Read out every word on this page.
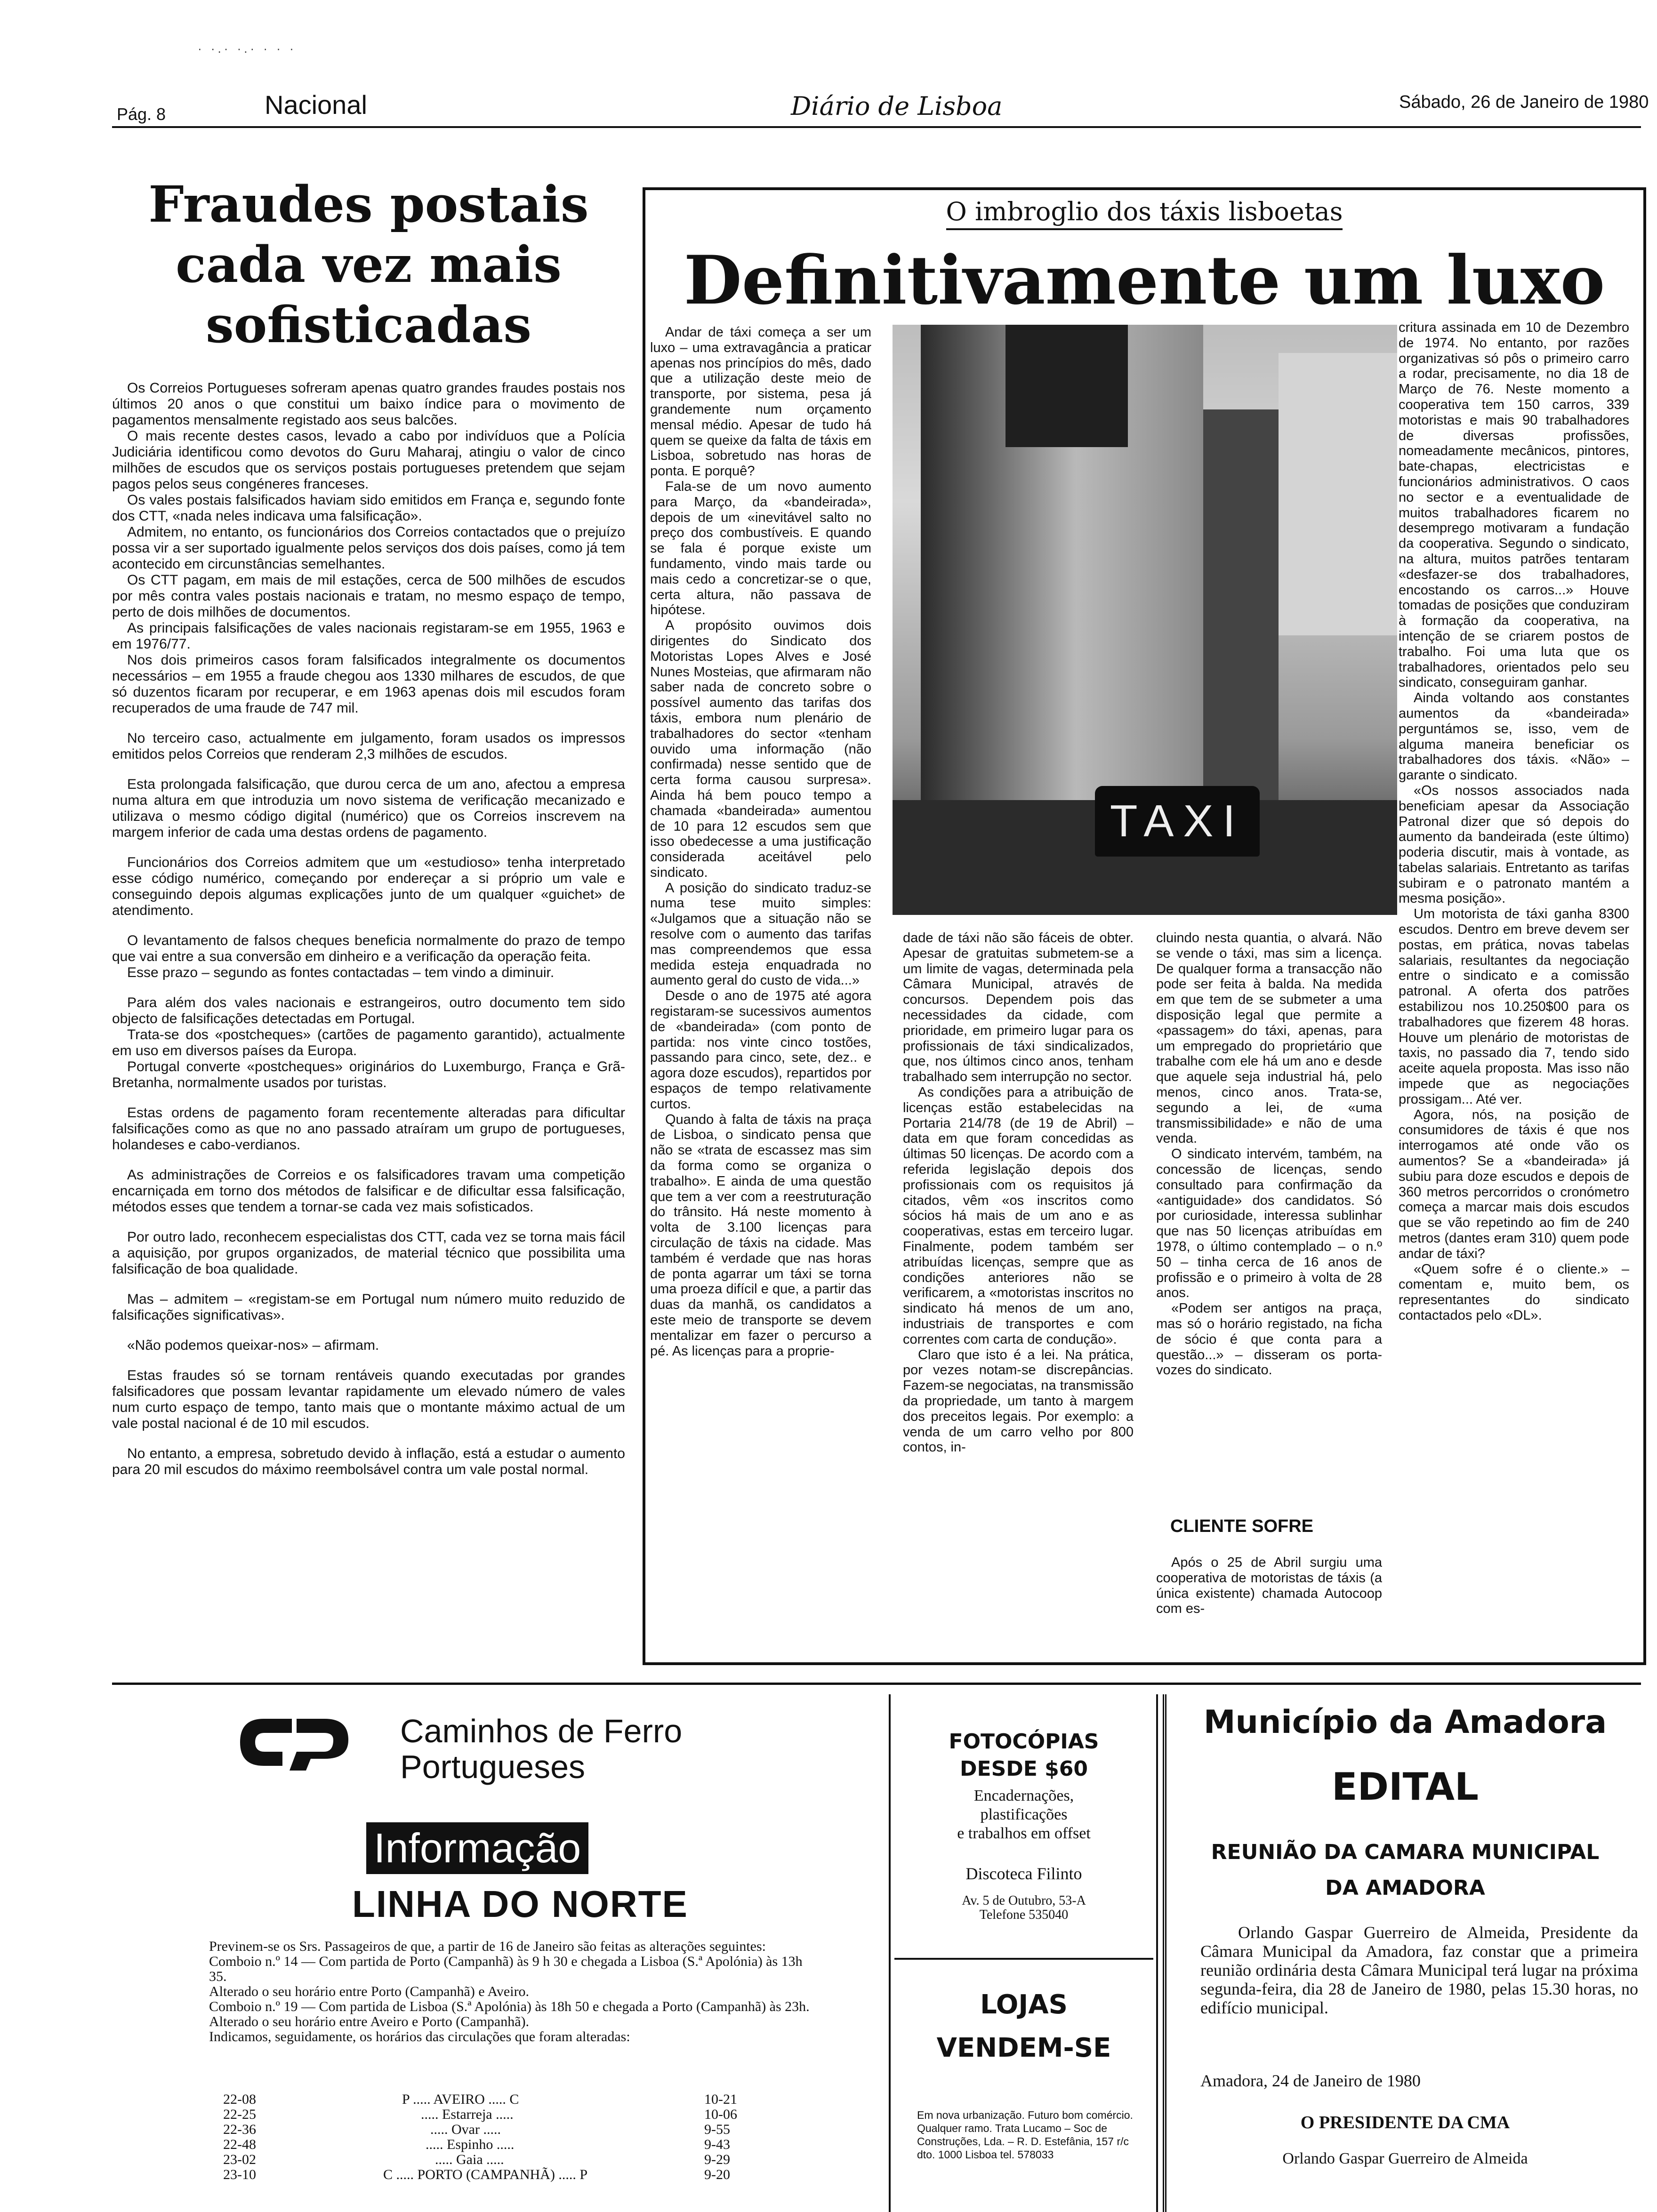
· ·.· ·.· · · ·
Pág. 8	Nacional	Diário de Lisboa	Sábado, 26 de Janeiro de 1980
Fraudes postais
cada vez mais
sofisticadas

Os Correios Portugueses sofreram apenas quatro grandes fraudes postais nos últimos 20 anos o que constitui um baixo índice para o movimento de pagamentos mensalmente registado aos seus balcões.

O mais recente destes casos, levado a cabo por indivíduos que a Polícia Judiciária identificou como devotos do Guru Maharaj, atingiu o valor de cinco milhões de escudos que os serviços postais portugueses pretendem que sejam pagos pelos seus congéneres franceses.

Os vales postais falsificados haviam sido emitidos em França e, segundo fonte dos CTT, «nada neles indicava uma falsificação».

Admitem, no entanto, os funcionários dos Correios contactados que o prejuízo possa vir a ser suportado igualmente pelos serviços dos dois países, como já tem acontecido em circunstâncias semelhantes.

Os CTT pagam, em mais de mil estações, cerca de 500 milhões de escudos por mês contra vales postais nacionais e tratam, no mesmo espaço de tempo, perto de dois milhões de documentos.

As principais falsificações de vales nacionais registaram-se em 1955, 1963 e em 1976/77.

Nos dois primeiros casos foram falsificados integralmente os documentos necessários – em 1955 a fraude chegou aos 1330 milhares de escudos, de que só duzentos ficaram por recuperar, e em 1963 apenas dois mil escudos foram recuperados de uma fraude de 747 mil.

No terceiro caso, actualmente em julgamento, foram usados os impressos emitidos pelos Correios que renderam 2,3 milhões de escudos.

Esta prolongada falsificação, que durou cerca de um ano, afectou a empresa numa altura em que introduzia um novo sistema de verificação mecanizado e utilizava o mesmo código digital (numérico) que os Correios inscrevem na margem inferior de cada uma destas ordens de pagamento.

Funcionários dos Correios admitem que um «estudioso» tenha interpretado esse código numérico, começando por endereçar a si próprio um vale e conseguindo depois algumas explicações junto de um qualquer «guichet» de atendimento.

O levantamento de falsos cheques beneficia normalmente do prazo de tempo que vai entre a sua conversão em dinheiro e a verificação da operação feita.

Esse prazo – segundo as fontes contactadas – tem vindo a diminuir.

Para além dos vales nacionais e estrangeiros, outro documento tem sido objecto de falsificações detectadas em Portugal.

Trata-se dos «postcheques» (cartões de pagamento garantido), actualmente em uso em diversos países da Europa.

Portugal converte «postcheques» originários do Luxemburgo, França e Grã-Bretanha, normalmente usados por turistas.

Estas ordens de pagamento foram recentemente alteradas para dificultar falsificações como as que no ano passado atraíram um grupo de portugueses, holandeses e cabo-verdianos.

As administrações de Correios e os falsificadores travam uma competição encarniçada em torno dos métodos de falsificar e de dificultar essa falsificação, métodos esses que tendem a tornar-se cada vez mais sofisticados.

Por outro lado, reconhecem especialistas dos CTT, cada vez se torna mais fácil a aquisição, por grupos organizados, de material técnico que possibilita uma falsificação de boa qualidade.

Mas – admitem – «registam-se em Portugal num número muito reduzido de falsificações significativas».

«Não podemos queixar-nos» – afirmam.

Estas fraudes só se tornam rentáveis quando executadas por grandes falsificadores que possam levantar rapidamente um elevado número de vales num curto espaço de tempo, tanto mais que o montante máximo actual de um vale postal nacional é de 10 mil escudos.

No entanto, a empresa, sobretudo devido à inflação, está a estudar o aumento para 20 mil escudos do máximo reembolsável contra um vale postal normal.

O imbroglio dos táxis lisboetas
Definitivamente um luxo

Andar de táxi começa a ser um luxo – uma extravagância a praticar apenas nos princípios do mês, dado que a utilização deste meio de transporte, por sistema, pesa já grandemente num orçamento mensal médio. Apesar de tudo há quem se queixe da falta de táxis em Lisboa, sobretudo nas horas de ponta. E porquê?

Fala-se de um novo aumento para Março, da «bandeirada», depois de um «inevitável salto no preço dos combustíveis. E quando se fala é porque existe um fundamento, vindo mais tarde ou mais cedo a concretizar-se o que, certa altura, não passava de hipótese.

A propósito ouvimos dois dirigentes do Sindicato dos Motoristas Lopes Alves e José Nunes Mosteias, que afirmaram não saber nada de concreto sobre o possível aumento das tarifas dos táxis, embora num plenário de trabalhadores do sector «tenham ouvido uma informação (não confirmada) nesse sentido que de certa forma causou surpresa». Ainda há bem pouco tempo a chamada «bandeirada» aumentou de 10 para 12 escudos sem que isso obedecesse a uma justificação considerada aceitável pelo sindicato.

A posição do sindicato traduz-se numa tese muito simples: «Julgamos que a situação não se resolve com o aumento das tarifas mas compreendemos que essa medida esteja enquadrada no aumento geral do custo de vida...»

Desde o ano de 1975 até agora registaram-se sucessivos aumentos de «bandeirada» (com ponto de partida: nos vinte cinco tostões, passando para cinco, sete, dez.. e agora doze escudos), repartidos por espaços de tempo relativamente curtos.

Quando à falta de táxis na praça de Lisboa, o sindicato pensa que não se «trata de escassez mas sim da forma como se organiza o trabalho». E ainda de uma questão que tem a ver com a reestruturação do trânsito. Há neste momento à volta de 3.100 licenças para circulação de táxis na cidade. Mas também é verdade que nas horas de ponta agarrar um táxi se torna uma proeza difícil e que, a partir das duas da manhã, os candidatos a este meio de transporte se devem mentalizar em fazer o percurso a pé. As licenças para a proprie-

TAXI

dade de táxi não são fáceis de obter. Apesar de gratuitas submetem-se a um limite de vagas, determinada pela Câmara Municipal, através de concursos. Dependem pois das necessidades da cidade, com prioridade, em primeiro lugar para os profissionais de táxi sindicalizados, que, nos últimos cinco anos, tenham trabalhado sem interrupção no sector.

As condições para a atribuição de licenças estão estabelecidas na Portaria 214/78 (de 19 de Abril) – data em que foram concedidas as últimas 50 licenças. De acordo com a referida legislação depois dos profissionais com os requisitos já citados, vêm «os inscritos como sócios há mais de um ano e as cooperativas, estas em terceiro lugar. Finalmente, podem também ser atribuídas licenças, sempre que as condições anteriores não se verificarem, a «motoristas inscritos no sindicato há menos de um ano, industriais de transportes e com correntes com carta de condução».

Claro que isto é a lei. Na prática, por vezes notam-se discrepâncias. Fazem-se negociatas, na transmissão da propriedade, um tanto à margem dos preceitos legais. Por exemplo: a venda de um carro velho por 800 contos, in-

cluindo nesta quantia, o alvará. Não se vende o táxi, mas sim a licença. De qualquer forma a transacção não pode ser feita à balda. Na medida em que tem de se submeter a uma disposição legal que permite a «passagem» do táxi, apenas, para um empregado do proprietário que trabalhe com ele há um ano e desde que aquele seja industrial há, pelo menos, cinco anos. Trata-se, segundo a lei, de «uma transmissibilidade» e não de uma venda.

O sindicato intervém, também, na concessão de licenças, sendo consultado para confirmação da «antiguidade» dos candidatos. Só por curiosidade, interessa sublinhar que nas 50 licenças atribuídas em 1978, o último contemplado – o n.º 50 – tinha cerca de 16 anos de profissão e o primeiro à volta de 28 anos.

«Podem ser antigos na praça, mas só o horário registado, na ficha de sócio é que conta para a questão...» – disseram os porta-vozes do sindicato.

CLIENTE SOFRE

Após o 25 de Abril surgiu uma cooperativa de motoristas de táxis (a única existente) chamada Autocoop com es-

critura assinada em 10 de Dezembro de 1974. No entanto, por razões organizativas só pôs o primeiro carro a rodar, precisamente, no dia 18 de Março de 76. Neste momento a cooperativa tem 150 carros, 339 motoristas e mais 90 trabalhadores de diversas profissões, nomeadamente mecânicos, pintores, bate-chapas, electricistas e funcionários administrativos. O caos no sector e a eventualidade de muitos trabalhadores ficarem no desemprego motivaram a fundação da cooperativa. Segundo o sindicato, na altura, muitos patrões tentaram «desfazer-se dos trabalhadores, encostando os carros...» Houve tomadas de posições que conduziram à formação da cooperativa, na intenção de se criarem postos de trabalho. Foi uma luta que os trabalhadores, orientados pelo seu sindicato, conseguiram ganhar.

Ainda voltando aos constantes aumentos da «bandeirada» perguntámos se, isso, vem de alguma maneira beneficiar os trabalhadores dos táxis. «Não» – garante o sindicato.

«Os nossos associados nada beneficiam apesar da Associação Patronal dizer que só depois do aumento da bandeirada (este último) poderia discutir, mais à vontade, as tabelas salariais. Entretanto as tarifas subiram e o patronato mantém a mesma posição».

Um motorista de táxi ganha 8300 escudos. Dentro em breve devem ser postas, em prática, novas tabelas salariais, resultantes da negociação entre o sindicato e a comissão patronal. A oferta dos patrões estabilizou nos 10.250$00 para os trabalhadores que fizerem 48 horas. Houve um plenário de motoristas de taxis, no passado dia 7, tendo sido aceite aquela proposta. Mas isso não impede que as negociações prossigam... Até ver.

Agora, nós, na posição de consumidores de táxis é que nos interrogamos até onde vão os aumentos? Se a «bandeirada» já subiu para doze escudos e depois de 360 metros percorridos o cronómetro começa a marcar mais dois escudos que se vão repetindo ao fim de 240 metros (dantes eram 310) quem pode andar de táxi?

«Quem sofre é o cliente.» – comentam e, muito bem, os representantes do sindicato contactados pelo «DL».

Caminhos de Ferro
Portugueses
Informação
LINHA DO NORTE

Previnem-se os Srs. Passageiros de que, a partir de 16 de Janeiro são feitas as alterações seguintes:

Comboio n.º 14 — Com partida de Porto (Campanhã) às 9 h 30 e chegada a Lisboa (S.ª Apolónia) às 13h 35.

Alterado o seu horário entre Porto (Campanhã) e Aveiro.

Comboio n.º 19 — Com partida de Lisboa (S.ª Apolónia) às 18h 50 e chegada a Porto (Campanhã) às 23h.

Alterado o seu horário entre Aveiro e Porto (Campanhã).

Indicamos, seguidamente, os horários das circulações que foram alteradas:

22-08	P ..... AVEIRO ..... C	10-21
22-25	..... Estarreja .....	10-06
22-36	..... Ovar .....	9-55
22-48	..... Espinho .....	9-43
23-02	..... Gaia .....	9-29
23-10	C ..... PORTO (CAMPANHÃ) ..... P	9-20
FOTOCÓPIAS
DESDE $60
Encadernações,
plastificações
e trabalhos em offset
Discoteca Filinto
Av. 5 de Outubro, 53-A
Telefone 535040
LOJAS
VENDEM-SE
Em nova urbanização. Futuro bom comércio. Qualquer ramo. Trata Lucamo – Soc de Construções, Lda. – R. D. Estefânia, 157 r/c dto. 1000 Lisboa tel. 578033
Município da Amadora
EDITAL
REUNIÃO DA CAMARA MUNICIPAL
DA AMADORA
Orlando Gaspar Guerreiro de Almeida, Presidente da Câmara Municipal da Amadora, faz constar que a primeira reunião ordinária desta Câmara Municipal terá lugar na próxima segunda-feira, dia 28 de Janeiro de 1980, pelas 15.30 horas, no edifício municipal.
Amadora, 24 de Janeiro de 1980
O PRESIDENTE DA CMA
Orlando Gaspar Guerreiro de Almeida
